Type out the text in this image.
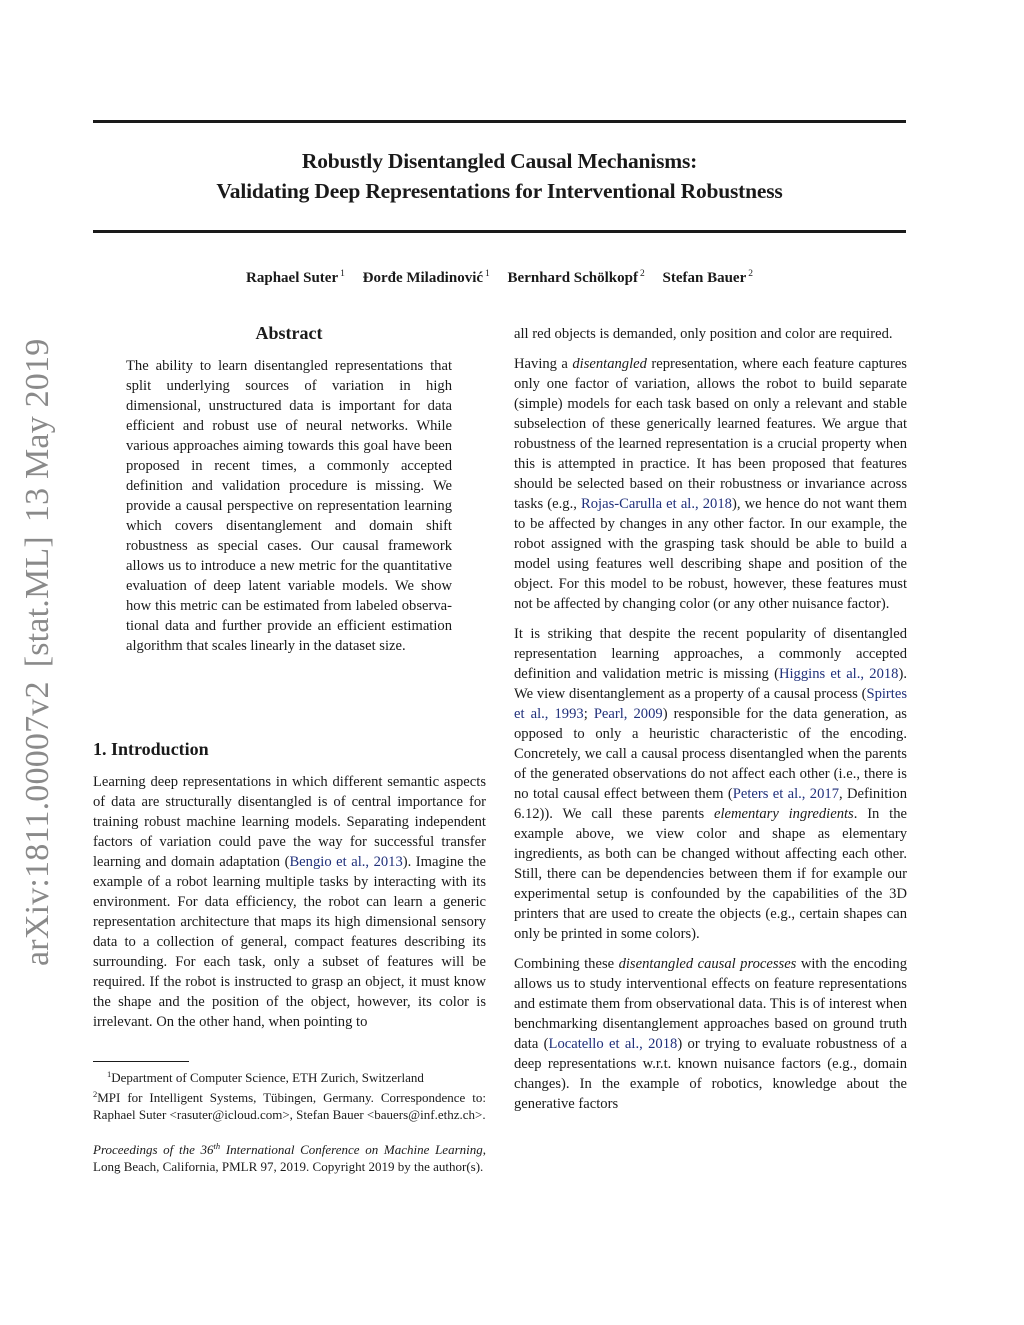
Robustly Disentangled Causal Mechanisms:
Validating Deep Representations for Interventional Robustness
Raphael Suter $^1$ Đorđe Miladinović $^1$ Bernhard Schölkopf $^2$ Stefan Bauer $^2$
arXiv:1811.00007v2[stat.ML]13 May 2019
Abstract
The ability to learn disentangled representations that split underlying sources of variation in high dimensional, unstructured data is important for data efficient and robust use of neural networks. While various approaches aiming towards this goal have been proposed in recent times, a commonly accepted definition and validation procedure is missing. We provide a causal perspective on representation learning which covers disentanglement and domain shift robustness as special cases. Our causal framework allows us to introduce a new metric for the quantitative evaluation of deep latent variable models. We show how this metric can be estimated from labeled observational data and further provide an efficient estimation algorithm that scales linearly in the dataset size.
1. Introduction

Learning deep representations in which different semantic aspects of data are structurally disentangled is of central importance for training robust machine learning models. Separating independent factors of variation could pave the way for successful transfer learning and domain adaptation (Bengio et al., 2013). Imagine the example of a robot learning multiple tasks by interacting with its environment. For data efficiency, the robot can learn a generic representation architecture that maps its high dimensional sensory data to a collection of general, compact features describing its surrounding. For each task, only a subset of features will be required. If the robot is instructed to grasp an object, it must know the shape and the position of the object, however, its color is irrelevant. On the other hand, when pointing to

$^1$Department of Computer Science, ETH Zurich, Switzerland
$^2$MPI for Intelligent Systems, Tübingen, Germany. Correspondence to: Raphael Suter <rasuter@icloud.com>, Stefan Bauer <bauers@inf.ethz.ch>.
Proceedings of the 36th International Conference on Machine Learning, Long Beach, California, PMLR 97, 2019. Copyright 2019 by the author(s).

all red objects is demanded, only position and color are required.

Having a disentangled representation, where each feature captures only one factor of variation, allows the robot to build separate (simple) models for each task based on only a relevant and stable subselection of these generically learned features. We argue that robustness of the learned representation is a crucial property when this is attempted in practice. It has been proposed that features should be selected based on their robustness or invariance across tasks (e.g., Rojas-Carulla et al., 2018), we hence do not want them to be affected by changes in any other factor. In our example, the robot assigned with the grasping task should be able to build a model using features well describing shape and position of the object. For this model to be robust, however, these features must not be affected by changing color (or any other nuisance factor).

It is striking that despite the recent popularity of disentangled representation learning approaches, a commonly accepted definition and validation metric is missing (Higgins et al., 2018). We view disentanglement as a property of a causal process (Spirtes et al., 1993; Pearl, 2009) responsible for the data generation, as opposed to only a heuristic characteristic of the encoding. Concretely, we call a causal process disentangled when the parents of the generated observations do not affect each other (i.e., there is no total causal effect between them (Peters et al., 2017, Definition 6.12)). We call these parents elementary ingredients. In the example above, we view color and shape as elementary ingredients, as both can be changed without affecting each other. Still, there can be dependencies between them if for example our experimental setup is confounded by the capabilities of the 3D printers that are used to create the objects (e.g., certain shapes can only be printed in some colors).

Combining these disentangled causal processes with the encoding allows us to study interventional effects on feature representations and estimate them from observational data. This is of interest when benchmarking disentanglement approaches based on ground truth data (Locatello et al., 2018) or trying to evaluate robustness of a deep representations w.r.t. known nuisance factors (e.g., domain changes). In the example of robotics, knowledge about the generative factors
